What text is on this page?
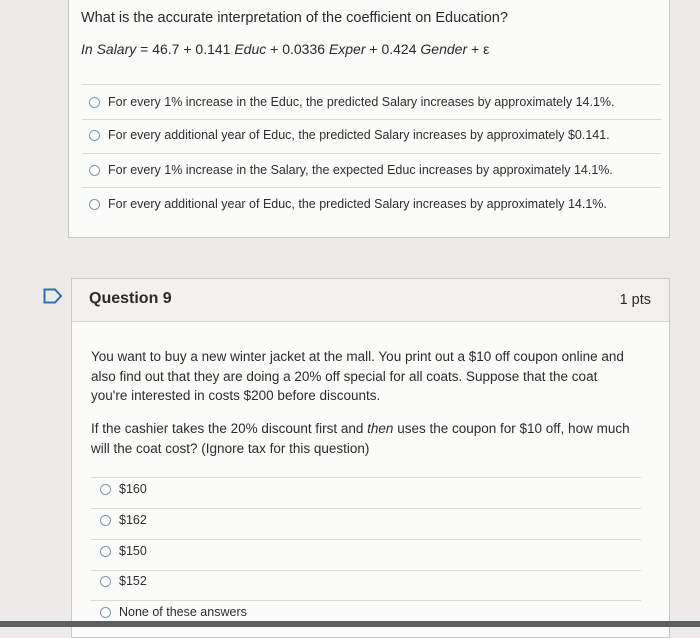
What is the accurate interpretation of the coefficient on Education?
In Salary = 46.7 + 0.141 Educ + 0.0336 Exper + 0.424 Gender + ε
For every 1% increase in the Educ, the predicted Salary increases by approximately 14.1%.
For every additional year of Educ, the predicted Salary increases by approximately $0.141.
For every 1% increase in the Salary, the expected Educ increases by approximately 14.1%.
For every additional year of Educ, the predicted Salary increases by approximately 14.1%.
Question 9	1 pts
You want to buy a new winter jacket at the mall. You print out a $10 off coupon online and also find out that they are doing a 20% off special for all coats. Suppose that the coat you're interested in costs $200 before discounts.
If the cashier takes the 20% discount first and then uses the coupon for $10 off, how much will the coat cost? (Ignore tax for this question)
$160
$162
$150
$152
None of these answers
